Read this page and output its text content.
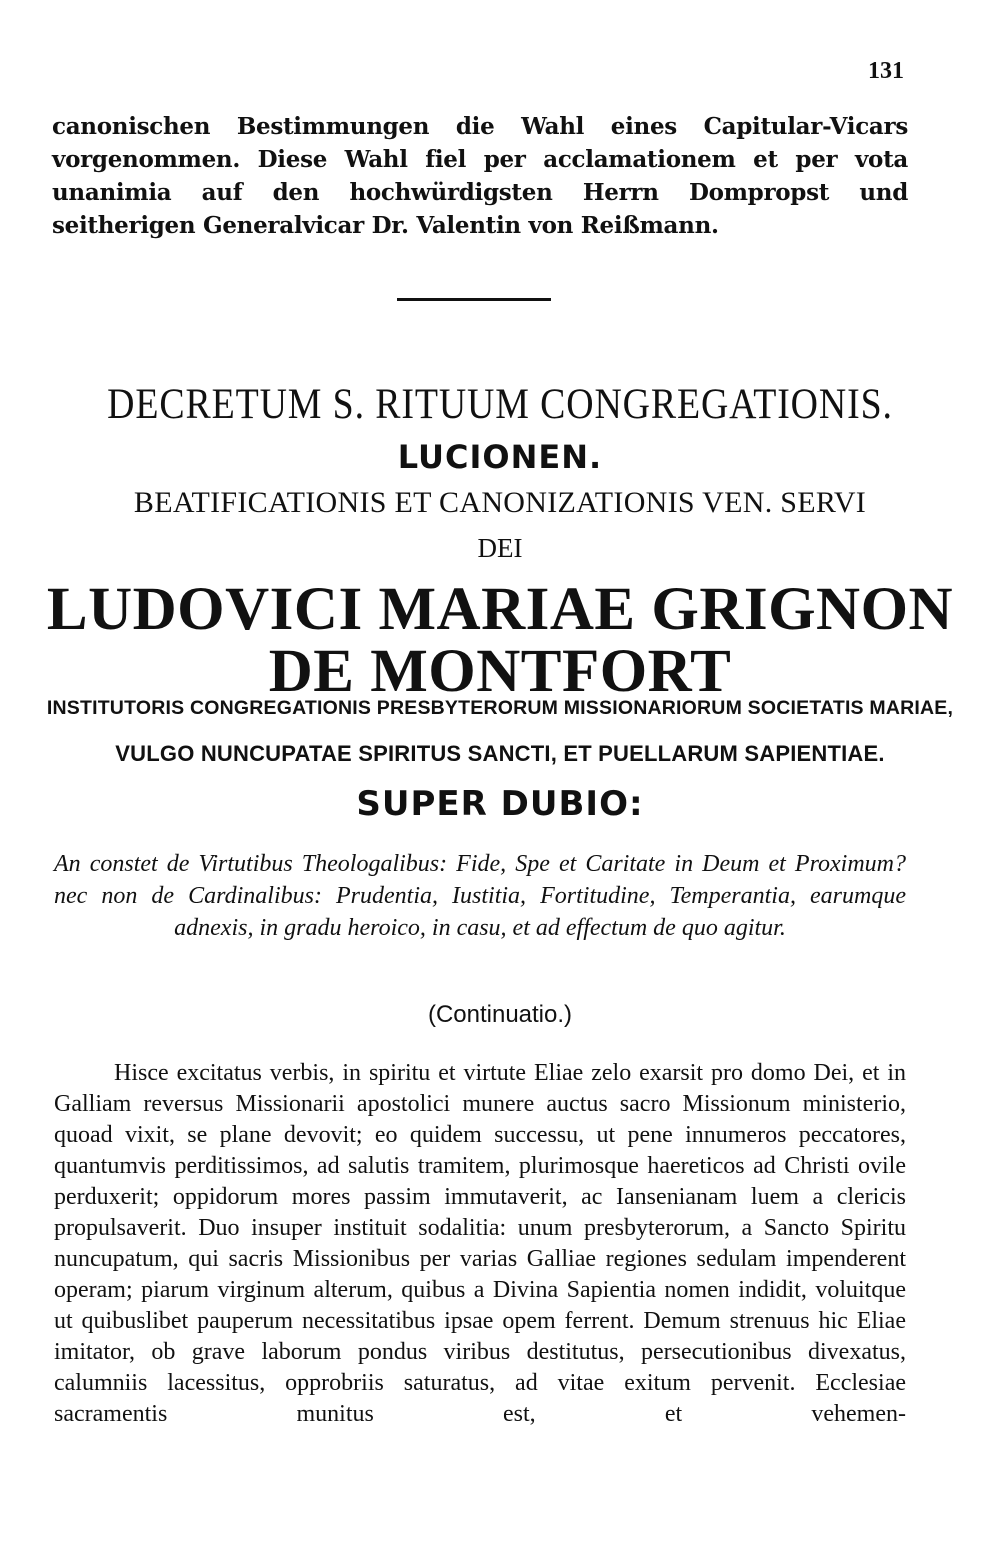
131
canonischen Bestimmungen die Wahl eines Capitular-Vicars vorgenommen. Diese Wahl fiel per acclamationem et per vota unanimia auf den hochwürdigsten Herrn Dompropst und seitherigen Generalvicar Dr. Valentin von Reißmann.
DECRETUM S. RITUUM CONGREGATIONIS.
LUCIONEN.
BEATIFICATIONIS ET CANONIZATIONIS VEN. SERVI
DEI
LUDOVICI MARIAE GRIGNON
DE MONTFORT
INSTITUTORIS CONGREGATIONIS PRESBYTERORUM MISSIONARIORUM SOCIETATIS MARIAE,
VULGO NUNCUPATAE SPIRITUS SANCTI, ET PUELLARUM SAPIENTIAE.
SUPER DUBIO:
An constet de Virtutibus Theologalibus: Fide, Spe et Caritate in Deum et Proximum? nec non de Cardinalibus: Prudentia, Iustitia, Fortitudine, Temperantia, earumque adnexis, in gradu heroico, in casu, et ad effectum de quo agitur.
(Continuatio.)

Hisce excitatus verbis, in spiritu et virtute Eliae zelo exarsit pro domo Dei, et in Galliam reversus Missionarii apostolici munere auctus sacro Missionum ministerio, quoad vixit, se plane devovit; eo quidem successu, ut pene innumeros peccatores, quantumvis perditissimos, ad salutis tramitem, plurimosque haereticos ad Christi ovile perduxerit; oppidorum mores passim immutaverit, ac Iansenianam luem a clericis propulsaverit. Duo insuper instituit sodalitia: unum presbyterorum, a Sancto Spiritu nuncupatum, qui sacris Missionibus per varias Galliae regiones sedulam impenderent operam; piarum virginum alterum, quibus a Divina Sapientia nomen indidit, voluitque ut quibuslibet pauperum necessitatibus ipsae opem ferrent. Demum strenuus hic Eliae imitator, ob grave laborum pondus viribus destitutus, persecutionibus divexatus, calumniis lacessitus, opprobriis saturatus, ad vitae exitum pervenit. Ecclesiae sacramentis munitus est, et vehemen-
